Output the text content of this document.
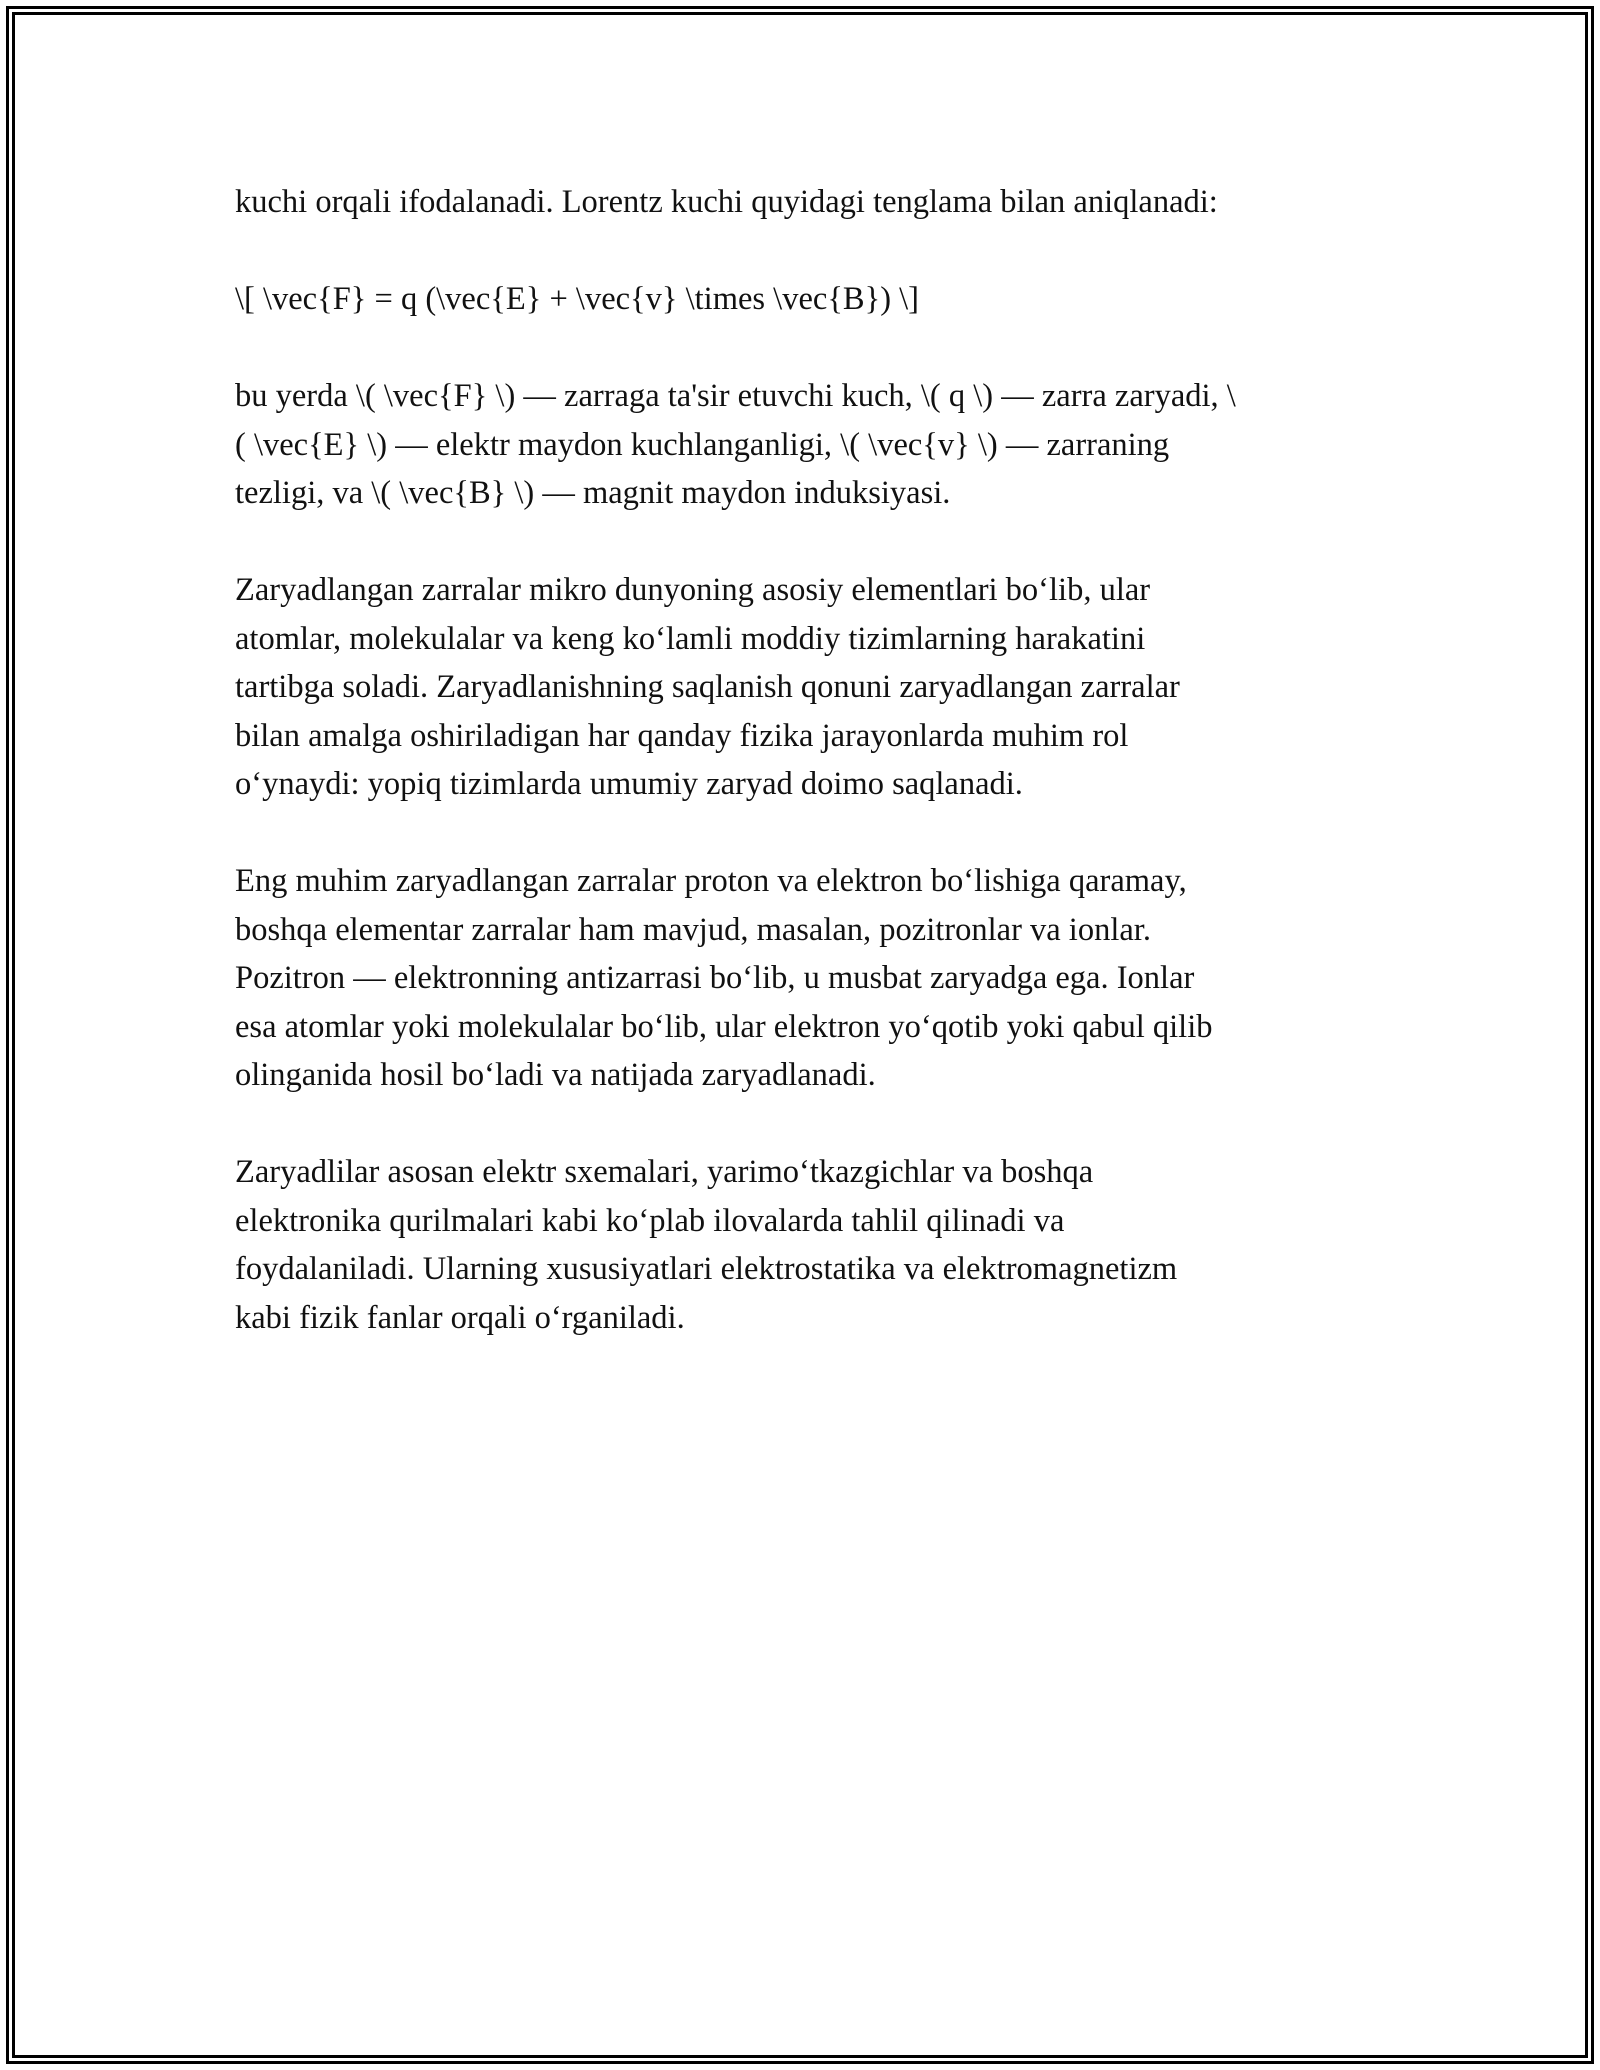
kuchi orqali ifodalanadi. Lorentz kuchi quyidagi tenglama bilan aniqlanadi:

\[ \vec{F} = q (\vec{E} + \vec{v} \times \vec{B}) \]

bu yerda \( \vec{F} \) — zarraga ta'sir etuvchi kuch, \( q \) — zarra zaryadi, \
( \vec{E} \) — elektr maydon kuchlanganligi, \( \vec{v} \) — zarraning
tezligi, va \( \vec{B} \) — magnit maydon induksiyasi.

Zaryadlangan zarralar mikro dunyoning asosiy elementlari bo‘lib, ular
atomlar, molekulalar va keng ko‘lamli moddiy tizimlarning harakatini
tartibga soladi. Zaryadlanishning saqlanish qonuni zaryadlangan zarralar
bilan amalga oshiriladigan har qanday fizika jarayonlarda muhim rol
o‘ynaydi: yopiq tizimlarda umumiy zaryad doimo saqlanadi.

Eng muhim zaryadlangan zarralar proton va elektron bo‘lishiga qaramay,
boshqa elementar zarralar ham mavjud, masalan, pozitronlar va ionlar.
Pozitron — elektronning antizarrasi bo‘lib, u musbat zaryadga ega. Ionlar
esa atomlar yoki molekulalar bo‘lib, ular elektron yo‘qotib yoki qabul qilib
olinganida hosil bo‘ladi va natijada zaryadlanadi.

Zaryadlilar asosan elektr sxemalari, yarimo‘tkazgichlar va boshqa
elektronika qurilmalari kabi ko‘plab ilovalarda tahlil qilinadi va
foydalaniladi. Ularning xususiyatlari elektrostatika va elektromagnetizm
kabi fizik fanlar orqali o‘rganiladi.
